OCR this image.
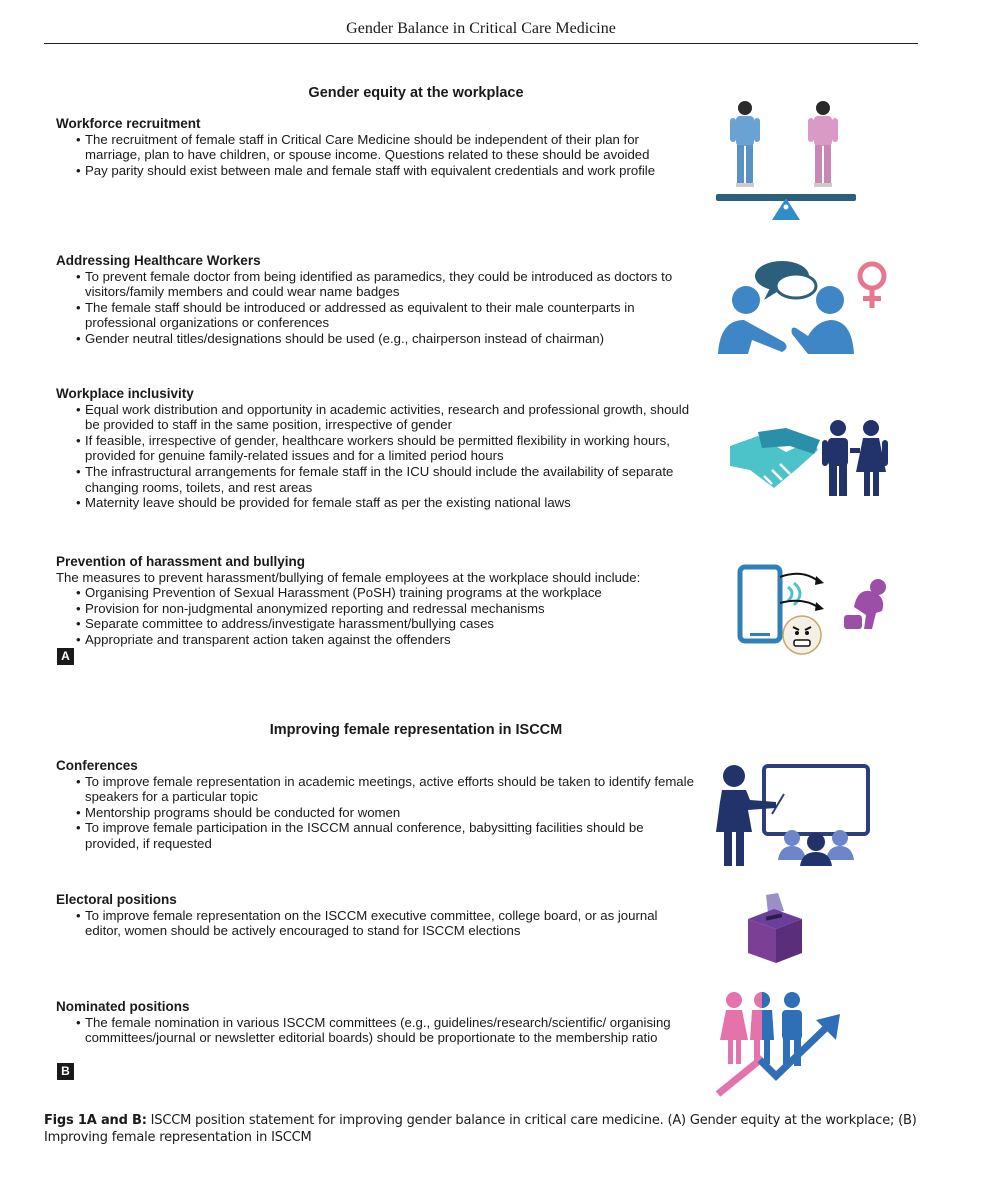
Gender Balance in Critical Care Medicine
Gender equity at the workplace
Workforce recruitment
• The recruitment of female staff in Critical Care Medicine should be independent of their plan for marriage, plan to have children, or spouse income. Questions related to these should be avoided
• Pay parity should exist between male and female staff with equivalent credentials and work profile
Addressing Healthcare Workers
• To prevent female doctor from being identified as paramedics, they could be introduced as doctors to visitors/family members and could wear name badges
• The female staff should be introduced or addressed as equivalent to their male counterparts in professional organizations or conferences
• Gender neutral titles/designations should be used (e.g., chairperson instead of chairman)
Workplace inclusivity
• Equal work distribution and opportunity in academic activities, research and professional growth, should be provided to staff in the same position, irrespective of gender
• If feasible, irrespective of gender, healthcare workers should be permitted flexibility in working hours, provided for genuine family-related issues and for a limited period hours
• The infrastructural arrangements for female staff in the ICU should include the availability of separate changing rooms, toilets, and rest areas
• Maternity leave should be provided for female staff as per the existing national laws
Prevention of harassment and bullying
The measures to prevent harassment/bullying of female employees at the workplace should include:
• Organising Prevention of Sexual Harassment (PoSH) training programs at the workplace
• Provision for non-judgmental anonymized reporting and redressal mechanisms
• Separate committee to address/investigate harassment/bullying cases
• Appropriate and transparent action taken against the offenders
A
Improving female representation in ISCCM
Conferences
• To improve female representation in academic meetings, active efforts should be taken to identify female speakers for a particular topic
• Mentorship programs should be conducted for women
• To improve female participation in the ISCCM annual conference, babysitting facilities should be provided, if requested
Electoral positions
• To improve female representation on the ISCCM executive committee, college board, or as journal editor, women should be actively encouraged to stand for ISCCM elections
Nominated positions
• The female nomination in various ISCCM committees (e.g., guidelines/research/scientific/ organising committees/journal or newsletter editorial boards) should be proportionate to the membership ratio
B
Figs 1A and B: ISCCM position statement for improving gender balance in critical care medicine. (A) Gender equity at the workplace; (B) Improving female representation in ISCCM
